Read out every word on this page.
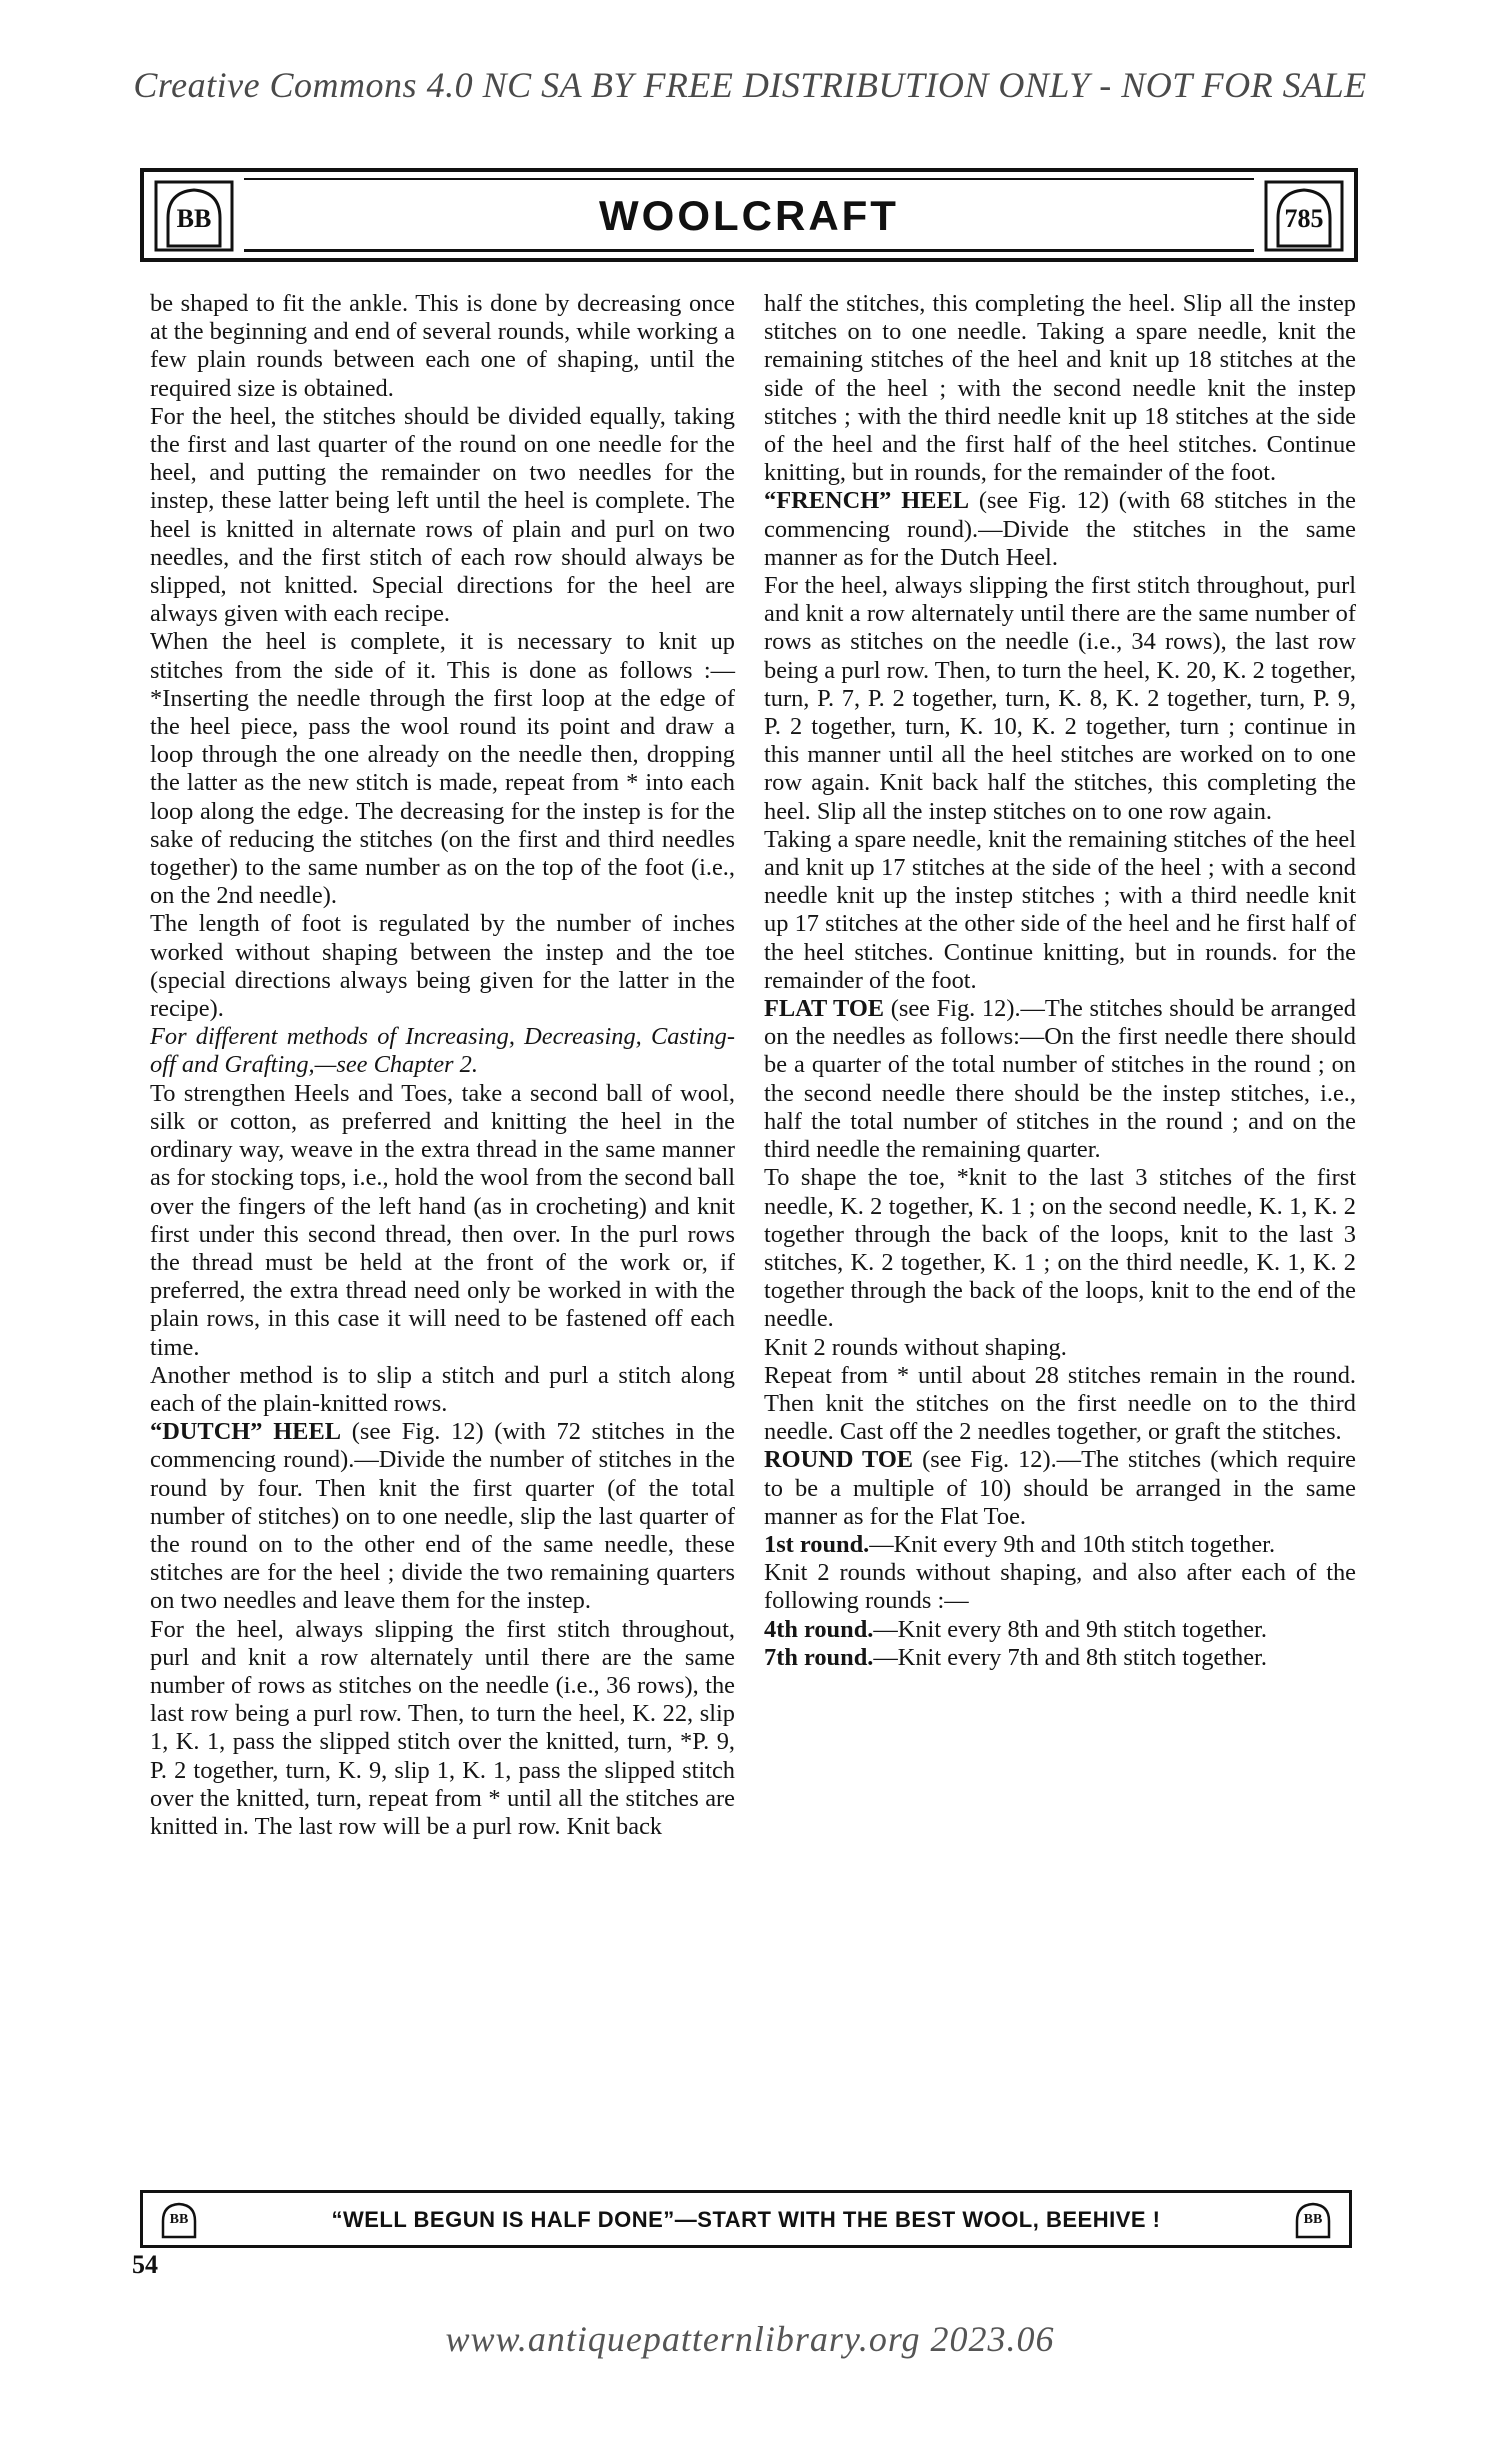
Creative Commons 4.0 NC SA BY FREE DISTRIBUTION ONLY - NOT FOR SALE
BB	WOOLCRAFT	785

be shaped to fit the ankle. This is done by decreasing once at the beginning and end of several rounds, while working a few plain rounds between each one of shaping, until the required size is obtained.

For the heel, the stitches should be divided equally, taking the first and last quarter of the round on one needle for the heel, and putting the remainder on two needles for the instep, these latter being left until the heel is complete. The heel is knitted in alternate rows of plain and purl on two needles, and the first stitch of each row should always be slipped, not knitted. Special directions for the heel are always given with each recipe.

When the heel is complete, it is necessary to knit up stitches from the side of it. This is done as follows :—*Inserting the needle through the first loop at the edge of the heel piece, pass the wool round its point and draw a loop through the one already on the needle then, dropping the latter as the new stitch is made, repeat from * into each loop along the edge. The decreasing for the instep is for the sake of reducing the stitches (on the first and third needles together) to the same number as on the top of the foot (i.e., on the 2nd needle).

The length of foot is regulated by the number of inches worked without shaping between the instep and the toe (special directions always being given for the latter in the recipe).

For different methods of Increasing, Decreasing, Casting-off and Grafting,—see Chapter 2.

To strengthen Heels and Toes, take a second ball of wool, silk or cotton, as preferred and knitting the heel in the ordinary way, weave in the extra thread in the same manner as for stocking tops, i.e., hold the wool from the second ball over the fingers of the left hand (as in crocheting) and knit first under this second thread, then over. In the purl rows the thread must be held at the front of the work or, if preferred, the extra thread need only be worked in with the plain rows, in this case it will need to be fastened off each time.

Another method is to slip a stitch and purl a stitch along each of the plain-knitted rows.

“DUTCH” HEEL (see Fig. 12) (with 72 stitches in the commencing round).—Divide the number of stitches in the round by four. Then knit the first quarter (of the total number of stitches) on to one needle, slip the last quarter of the round on to the other end of the same needle, these stitches are for the heel ; divide the two remaining quarters on two needles and leave them for the instep.

For the heel, always slipping the first stitch throughout, purl and knit a row alternately until there are the same number of rows as stitches on the needle (i.e., 36 rows), the last row being a purl row. Then, to turn the heel, K. 22, slip 1, K. 1, pass the slipped stitch over the knitted, turn, *P. 9, P. 2 together, turn, K. 9, slip 1, K. 1, pass the slipped stitch over the knitted, turn, repeat from * until all the stitches are knitted in. The last row will be a purl row. Knit back

half the stitches, this completing the heel. Slip all the instep stitches on to one needle. Taking a spare needle, knit the remaining stitches of the heel and knit up 18 stitches at the side of the heel ; with the second needle knit the instep stitches ; with the third needle knit up 18 stitches at the side of the heel and the first half of the heel stitches. Continue knitting, but in rounds, for the remainder of the foot.

“FRENCH” HEEL (see Fig. 12) (with 68 stitches in the commencing round).—Divide the stitches in the same manner as for the Dutch Heel.

For the heel, always slipping the first stitch throughout, purl and knit a row alternately until there are the same number of rows as stitches on the needle (i.e., 34 rows), the last row being a purl row. Then, to turn the heel, K. 20, K. 2 together, turn, P. 7, P. 2 together, turn, K. 8, K. 2 together, turn, P. 9, P. 2 together, turn, K. 10, K. 2 together, turn ; continue in this manner until all the heel stitches are worked on to one row again. Knit back half the stitches, this completing the heel. Slip all the instep stitches on to one row again.

Taking a spare needle, knit the remaining stitches of the heel and knit up 17 stitches at the side of the heel ; with a second needle knit up the instep stitches ; with a third needle knit up 17 stitches at the other side of the heel and he first half of the heel stitches. Continue knitting, but in rounds. for the remainder of the foot.

FLAT TOE (see Fig. 12).—The stitches should be arranged on the needles as follows:—On the first needle there should be a quarter of the total number of stitches in the round ; on the second needle there should be the instep stitches, i.e., half the total number of stitches in the round ; and on the third needle the remaining quarter.

To shape the toe, *knit to the last 3 stitches of the first needle, K. 2 together, K. 1 ; on the second needle, K. 1, K. 2 together through the back of the loops, knit to the last 3 stitches, K. 2 together, K. 1 ; on the third needle, K. 1, K. 2 together through the back of the loops, knit to the end of the needle.

Knit 2 rounds without shaping.

Repeat from * until about 28 stitches remain in the round. Then knit the stitches on the first needle on to the third needle. Cast off the 2 needles together, or graft the stitches.

ROUND TOE (see Fig. 12).—The stitches (which require to be a multiple of 10) should be arranged in the same manner as for the Flat Toe.

1st round.—Knit every 9th and 10th stitch together.

Knit 2 rounds without shaping, and also after each of the following rounds :—

4th round.—Knit every 8th and 9th stitch together.

7th round.—Knit every 7th and 8th stitch together.

BB	“WELL BEGUN IS HALF DONE”—START WITH THE BEST WOOL, BEEHIVE !	BB
54
www.antiquepatternlibrary.org 2023.06
